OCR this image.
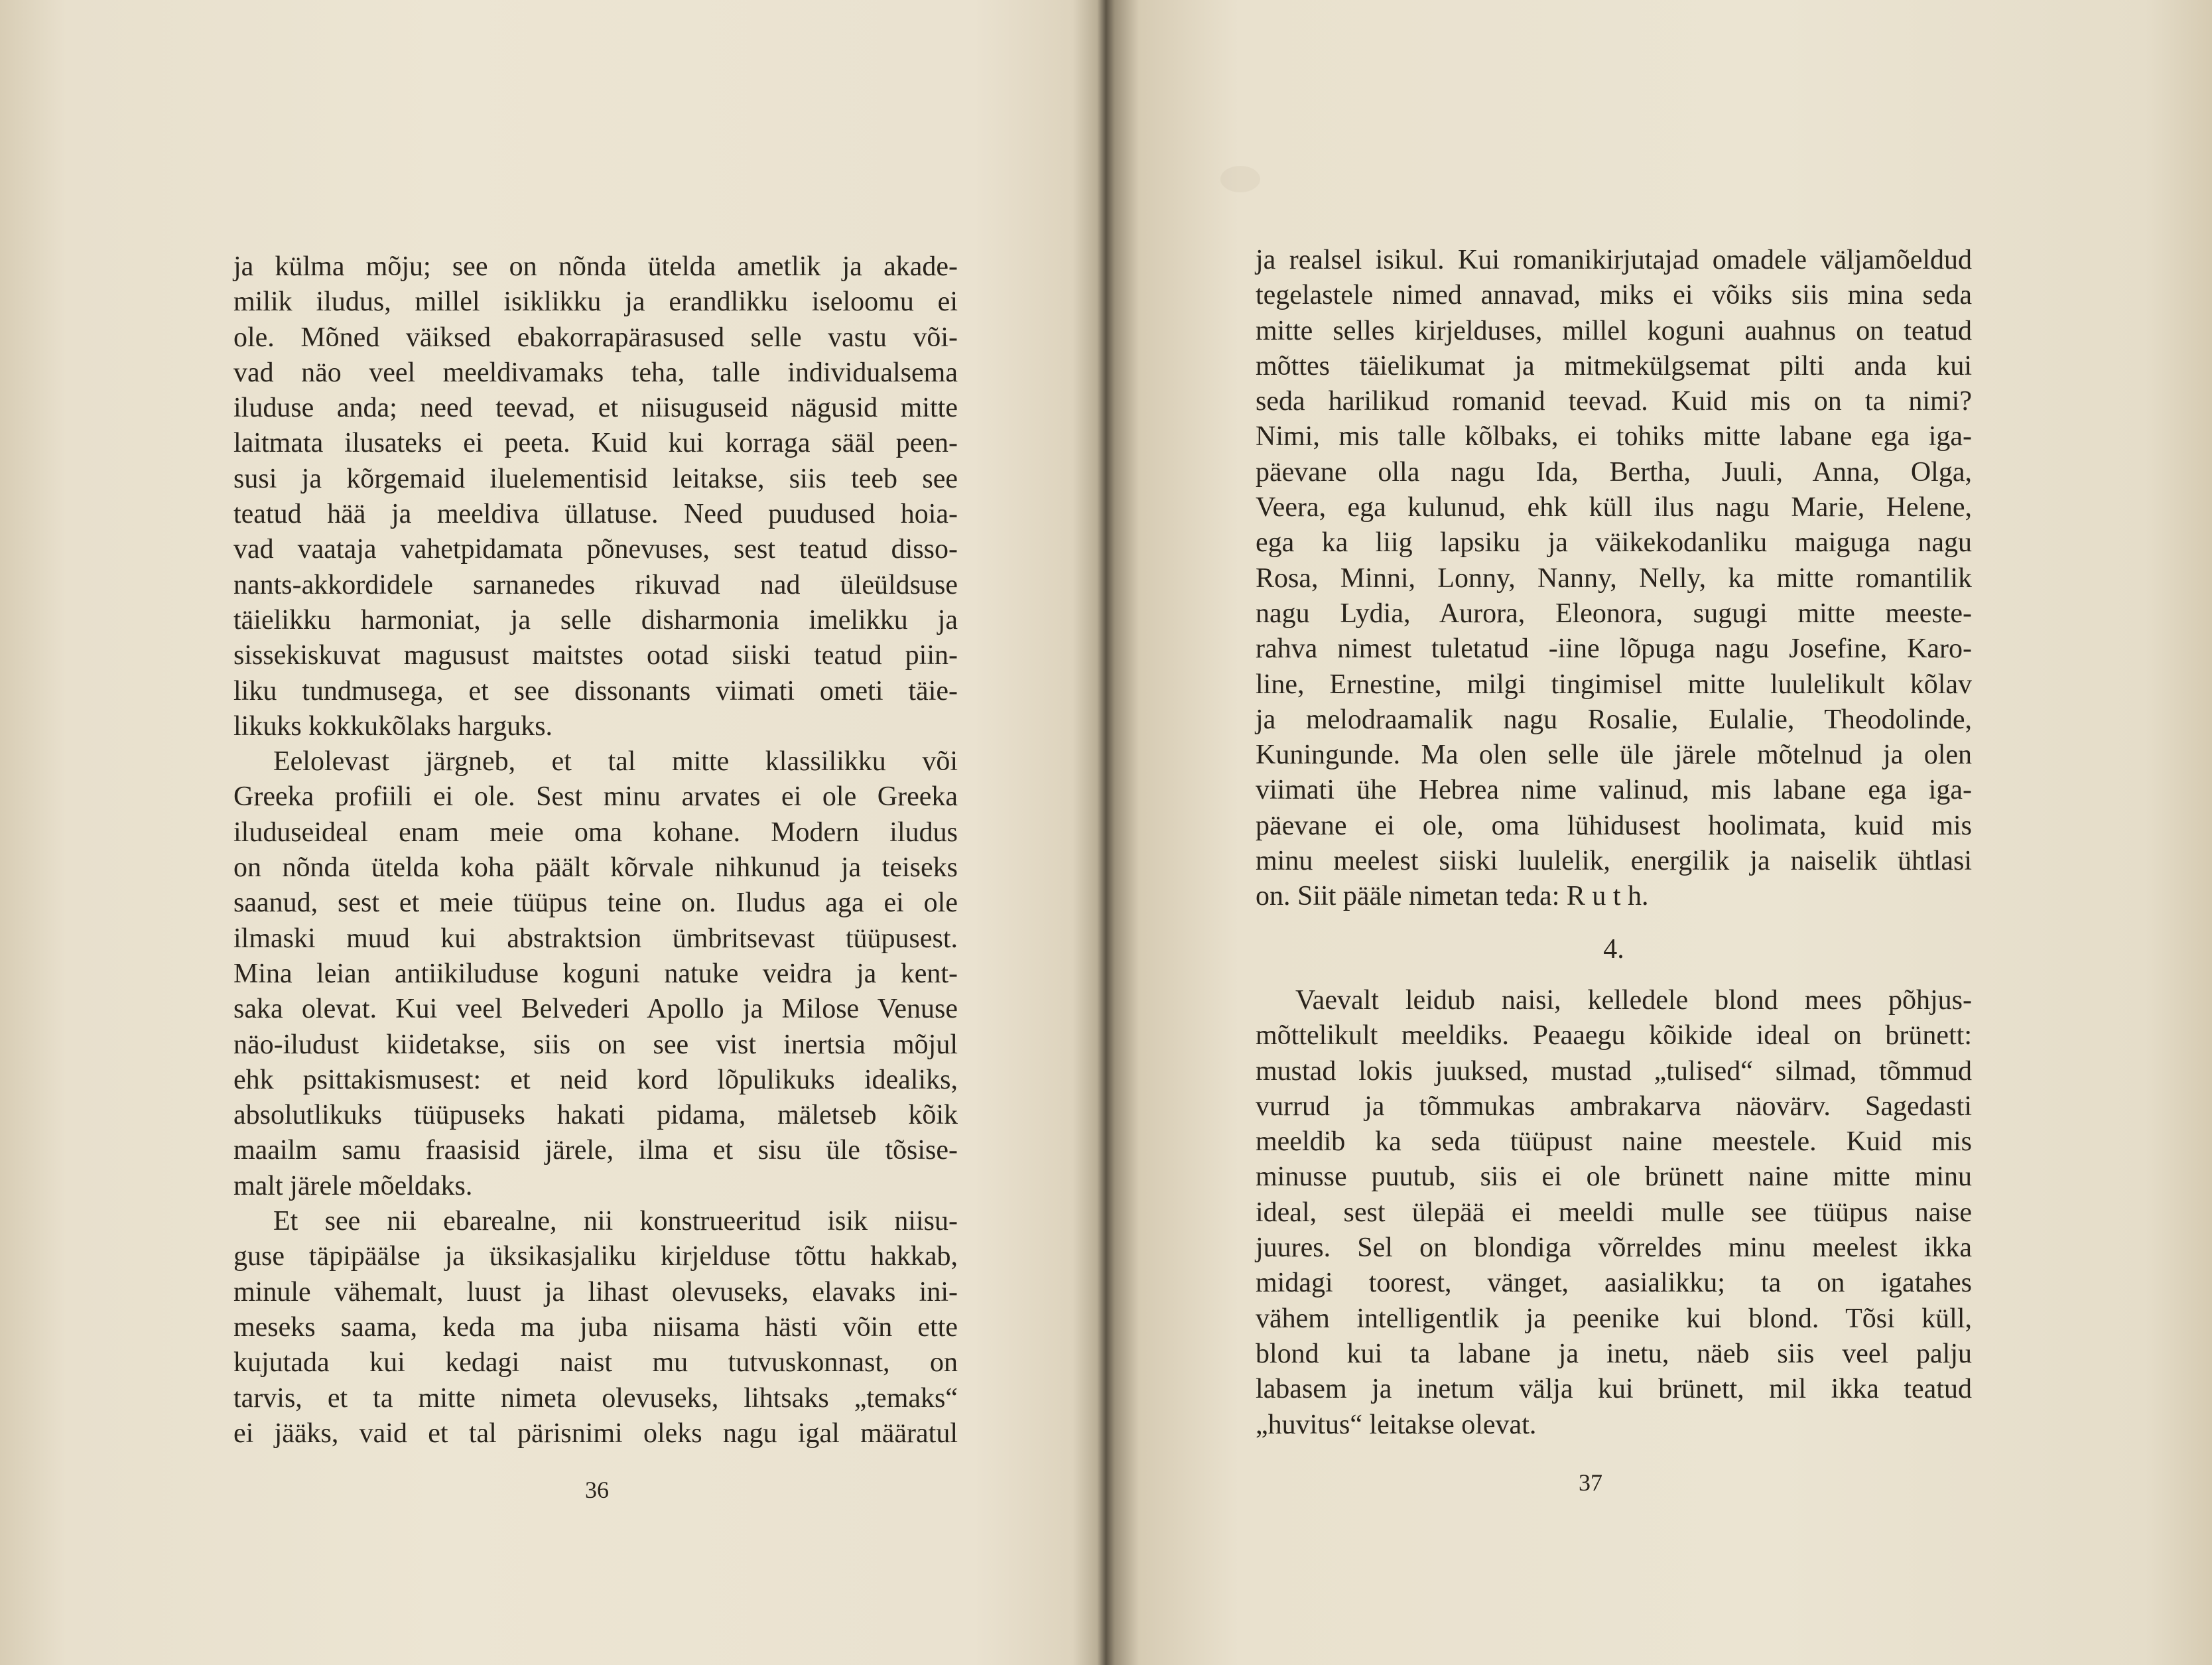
ja külma mõju; see on nõnda ütelda ametlik ja akade-
milik iludus, millel isiklikku ja erandlikku iseloomu ei
ole. Mõned väiksed ebakorrapärasused selle vastu või-
vad näo veel meeldivamaks teha, talle individualsema
iluduse anda; need teevad, et niisuguseid nägusid mitte
laitmata ilusateks ei peeta. Kuid kui korraga sääl peen-
susi ja kõrgemaid iluelementisid leitakse, siis teeb see
teatud hää ja meeldiva üllatuse. Need puudused hoia-
vad vaataja vahetpidamata põnevuses, sest teatud disso-
nants-akkordidele sarnanedes rikuvad nad üleüldsuse
täielikku harmoniat, ja selle disharmonia imelikku ja
sissekiskuvat magusust maitstes ootad siiski teatud piin-
liku tundmusega, et see dissonants viimati ometi täie-
likuks kokkukõlaks harguks.
Eelolevast järgneb, et tal mitte klassilikku või
Greeka profiili ei ole. Sest minu arvates ei ole Greeka
iluduseideal enam meie oma kohane. Modern iludus
on nõnda ütelda koha päält kõrvale nihkunud ja teiseks
saanud, sest et meie tüüpus teine on. Iludus aga ei ole
ilmaski muud kui abstraktsion ümbritsevast tüüpusest.
Mina leian antiikiluduse koguni natuke veidra ja kent-
saka olevat. Kui veel Belvederi Apollo ja Milose Venuse
näo-iludust kiidetakse, siis on see vist inertsia mõjul
ehk psittakismusest: et neid kord lõpulikuks idealiks,
absolutlikuks tüüpuseks hakati pidama, mäletseb kõik
maailm samu fraasisid järele, ilma et sisu üle tõsise-
malt järele mõeldaks.
Et see nii ebarealne, nii konstrueeritud isik niisu-
guse täpipäälse ja üksikasjaliku kirjelduse tõttu hakkab,
minule vähemalt, luust ja lihast olevuseks, elavaks ini-
meseks saama, keda ma juba niisama hästi võin ette
kujutada kui kedagi naist mu tutvuskonnast, on
tarvis, et ta mitte nimeta olevuseks, lihtsaks „temaks“
ei jääks, vaid et tal pärisnimi oleks nagu igal määratul
36
ja realsel isikul. Kui romanikirjutajad omadele väljamõeldud
tegelastele nimed annavad, miks ei võiks siis mina seda
mitte selles kirjelduses, millel koguni auahnus on teatud
mõttes täielikumat ja mitmekülgsemat pilti anda kui
seda harilikud romanid teevad. Kuid mis on ta nimi?
Nimi, mis talle kõlbaks, ei tohiks mitte labane ega iga-
päevane olla nagu Ida, Bertha, Juuli, Anna, Olga,
Veera, ega kulunud, ehk küll ilus nagu Marie, Helene,
ega ka liig lapsiku ja väikekodanliku maiguga nagu
Rosa, Minni, Lonny, Nanny, Nelly, ka mitte romantilik
nagu Lydia, Aurora, Eleonora, sugugi mitte meeste-
rahva nimest tuletatud -iine lõpuga nagu Josefine, Karo-
line, Ernestine, milgi tingimisel mitte luulelikult kõlav
ja melodraamalik nagu Rosalie, Eulalie, Theodolinde,
Kuningunde. Ma olen selle üle järele mõtelnud ja olen
viimati ühe Hebrea nime valinud, mis labane ega iga-
päevane ei ole, oma lühidusest hoolimata, kuid mis
minu meelest siiski luulelik, energilik ja naiselik ühtlasi
on. Siit pääle nimetan teda: R u t h.
4.
Vaevalt leidub naisi, kelledele blond mees põhjus-
mõttelikult meeldiks. Peaaegu kõikide ideal on brünett:
mustad lokis juuksed, mustad „tulised“ silmad, tõmmud
vurrud ja tõmmukas ambrakarva näovärv. Sagedasti
meeldib ka seda tüüpust naine meestele. Kuid mis
minusse puutub, siis ei ole brünett naine mitte minu
ideal, sest ülepää ei meeldi mulle see tüüpus naise
juures. Sel on blondiga võrreldes minu meelest ikka
midagi toorest, vänget, aasialikku; ta on igatahes
vähem intelligentlik ja peenike kui blond. Tõsi küll,
blond kui ta labane ja inetu, näeb siis veel palju
labasem ja inetum välja kui brünett, mil ikka teatud
„huvitus“ leitakse olevat.
37
